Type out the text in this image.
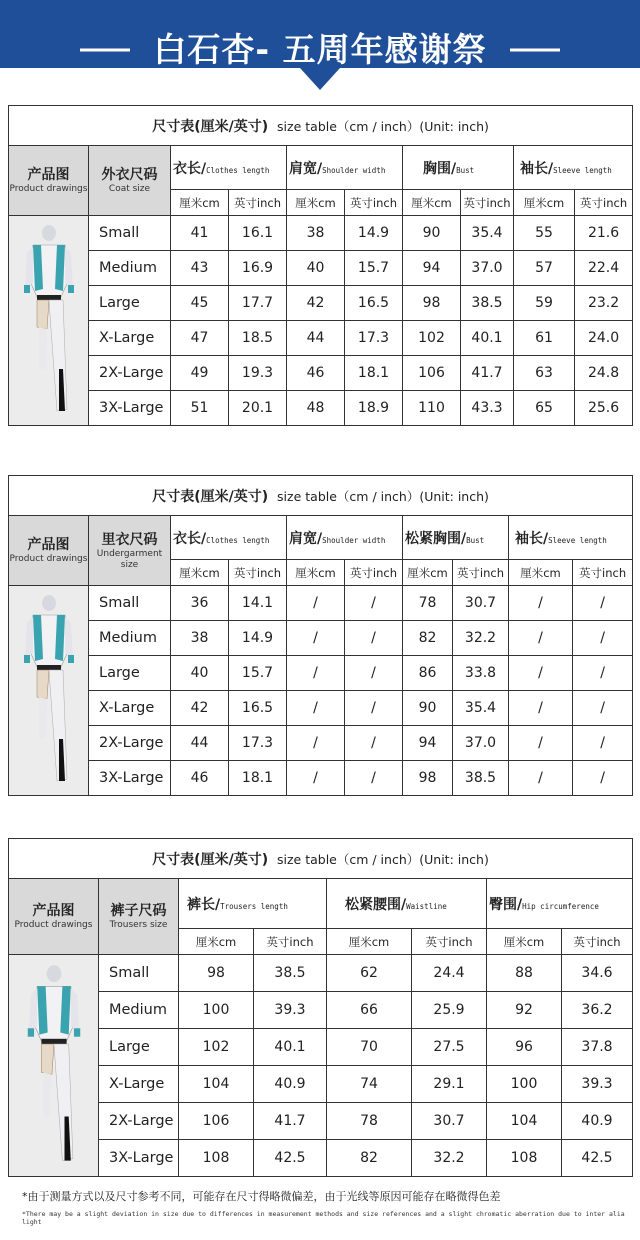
白石杏- 五周年感谢祭
尺寸表(厘米/英寸) size table（cm / inch）(Unit: inch)									

产品图
Product drawings	外衣尺码
Coat size	衣长/Clothes length		肩宽/Shoulder width		胸围/Bust		袖长/Sleeve length	
		厘米cm	英寸inch	厘米cm	英寸inch	厘米cm	英寸inch	厘米cm	英寸inch
	Small	41	16.1	38	14.9	90	35.4	55	21.6
	Medium	43	16.9	40	15.7	94	37.0	57	22.4
	Large	45	17.7	42	16.5	98	38.5	59	23.2
	X-Large	47	18.5	44	17.3	102	40.1	61	24.0
	2X-Large	49	19.3	46	18.1	106	41.7	63	24.8
	3X-Large	51	20.1	48	18.9	110	43.3	65	25.6
尺寸表(厘米/英寸) size table（cm / inch）(Unit: inch)									

产品图
Product drawings	里衣尺码
Undergarment size	衣长/Clothes length		肩宽/Shoulder width		松紧胸围/Bust		袖长/Sleeve length	
		厘米cm	英寸inch	厘米cm	英寸inch	厘米cm	英寸inch	厘米cm	英寸inch
	Small	36	14.1	/	/	78	30.7	/	/
	Medium	38	14.9	/	/	82	32.2	/	/
	Large	40	15.7	/	/	86	33.8	/	/
	X-Large	42	16.5	/	/	90	35.4	/	/
	2X-Large	44	17.3	/	/	94	37.0	/	/
	3X-Large	46	18.1	/	/	98	38.5	/	/
尺寸表(厘米/英寸) size table（cm / inch）(Unit: inch)							

产品图
Product drawings	裤子尺码
Trousers size	裤长/Trousers length		松紧腰围/Waistline		臀围/Hip circumference	
		厘米cm	英寸inch	厘米cm	英寸inch	厘米cm	英寸inch
	Small	98	38.5	62	24.4	88	34.6
	Medium	100	39.3	66	25.9	92	36.2
	Large	102	40.1	70	27.5	96	37.8
	X-Large	104	40.9	74	29.1	100	39.3
	2X-Large	106	41.7	78	30.7	104	40.9
	3X-Large	108	42.5	82	32.2	108	42.5
*由于测量方式以及尺寸参考不同，可能存在尺寸得略微偏差，由于光线等原因可能存在略微得色差
*There may be a slight deviation in size due to differences in measurement methods and size references and a slight chromatic aberration due to inter alia light
